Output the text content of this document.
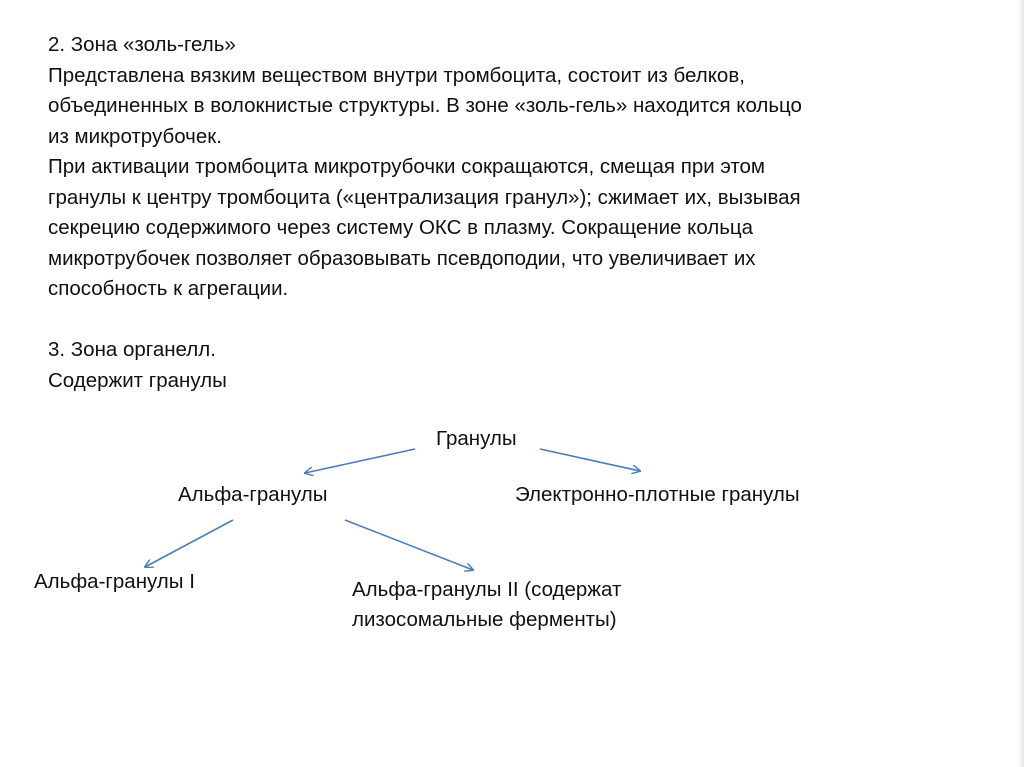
2. Зона «золь-гель»

Представлена вязким веществом внутри тромбоцита, состоит из белков,
объединенных в волокнистые структуры. В зоне «золь-гель» находится кольцо
из микротрубочек.

При активации тромбоцита микротрубочки сокращаются, смещая при этом
гранулы к центру тромбоцита («централизация гранул»); сжимает их, вызывая
секрецию содержимого через систему ОКС в плазму. Сокращение кольца
микротрубочек позволяет образовывать псевдоподии, что увеличивает их
способность к агрегации.

3. Зона органелл.

Содержит гранулы

Гранулы
Альфа-гранулы	Электронно-плотные гранулы
Альфа-гранулы I	Альфа-гранулы II (содержат
лизосомальные ферменты)
